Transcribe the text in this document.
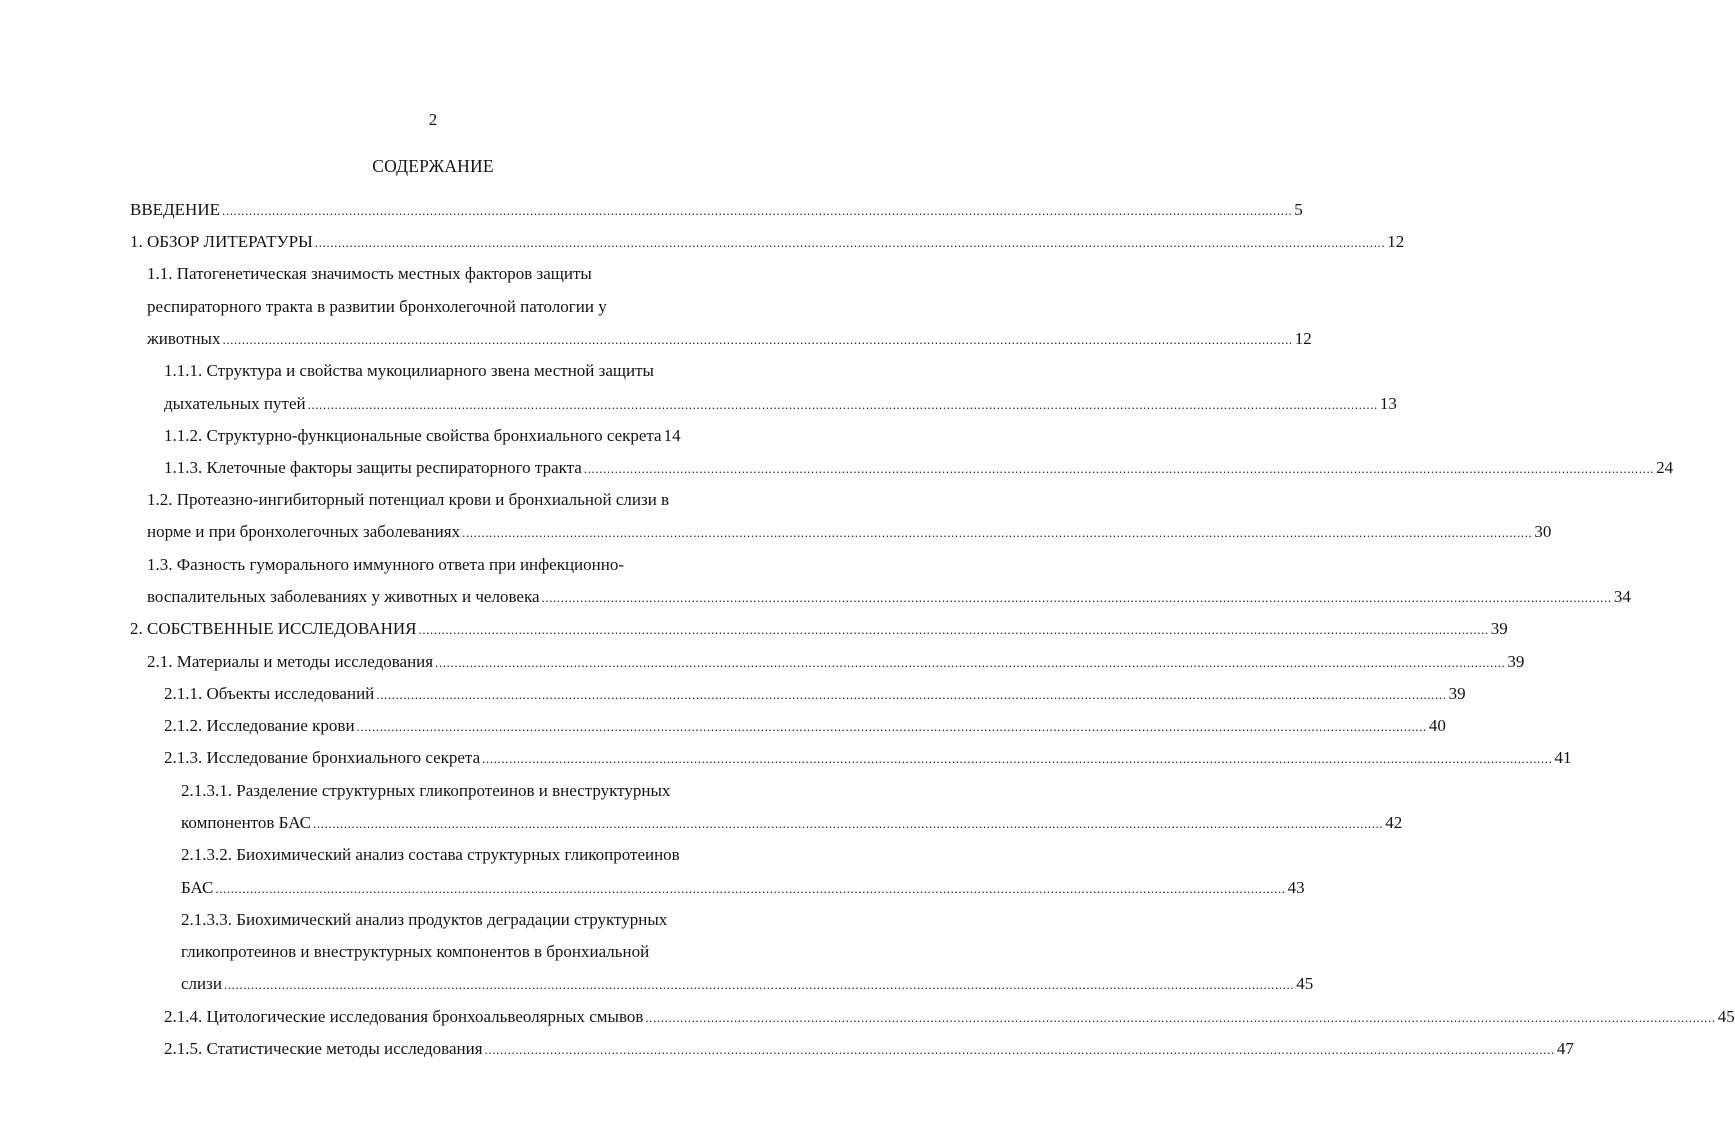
2
СОДЕРЖАНИЕ
ВВЕДЕНИЕ ...................................................................................................................................................................................................................................................................................... 5
1. ОБЗОР ЛИТЕРАТУРЫ ...................................................................................................................................................................................................................................................................................... 12
1.1. Патогенетическая значимость местных факторов защиты
респираторного тракта в развитии бронхолегочной патологии у
животных ...................................................................................................................................................................................................................................................................................... 12
1.1.1. Структура и свойства мукоцилиарного звена местной защиты
дыхательных путей ...................................................................................................................................................................................................................................................................................... 13
1.1.2. Структурно-функциональные свойства бронхиального секрета 14
1.1.3. Клеточные факторы защиты респираторного тракта ...................................................................................................................................................................................................................................................................................... 24
1.2. Протеазно-ингибиторный потенциал крови и бронхиальной слизи в
норме и при бронхолегочных заболеваниях ...................................................................................................................................................................................................................................................................................... 30
1.3. Фазность гуморального иммунного ответа при инфекционно-
воспалительных заболеваниях у животных и человека ...................................................................................................................................................................................................................................................................................... 34
2. СОБСТВЕННЫЕ ИССЛЕДОВАНИЯ ...................................................................................................................................................................................................................................................................................... 39
2.1. Материалы и методы исследования ...................................................................................................................................................................................................................................................................................... 39
2.1.1. Объекты исследований ...................................................................................................................................................................................................................................................................................... 39
2.1.2. Исследование крови ...................................................................................................................................................................................................................................................................................... 40
2.1.3. Исследование бронхиального секрета ...................................................................................................................................................................................................................................................................................... 41
2.1.3.1. Разделение структурных гликопротеинов и внеструктурных
компонентов БАС ...................................................................................................................................................................................................................................................................................... 42
2.1.3.2. Биохимический анализ состава структурных гликопротеинов
БАС ...................................................................................................................................................................................................................................................................................... 43
2.1.3.3. Биохимический анализ продуктов деградации структурных
гликопротеинов и внеструктурных компонентов в бронхиальной
слизи ...................................................................................................................................................................................................................................................................................... 45
2.1.4. Цитологические исследования бронхоальвеолярных смывов ...................................................................................................................................................................................................................................................................................... 45
2.1.5. Статистические методы исследования ...................................................................................................................................................................................................................................................................................... 47
